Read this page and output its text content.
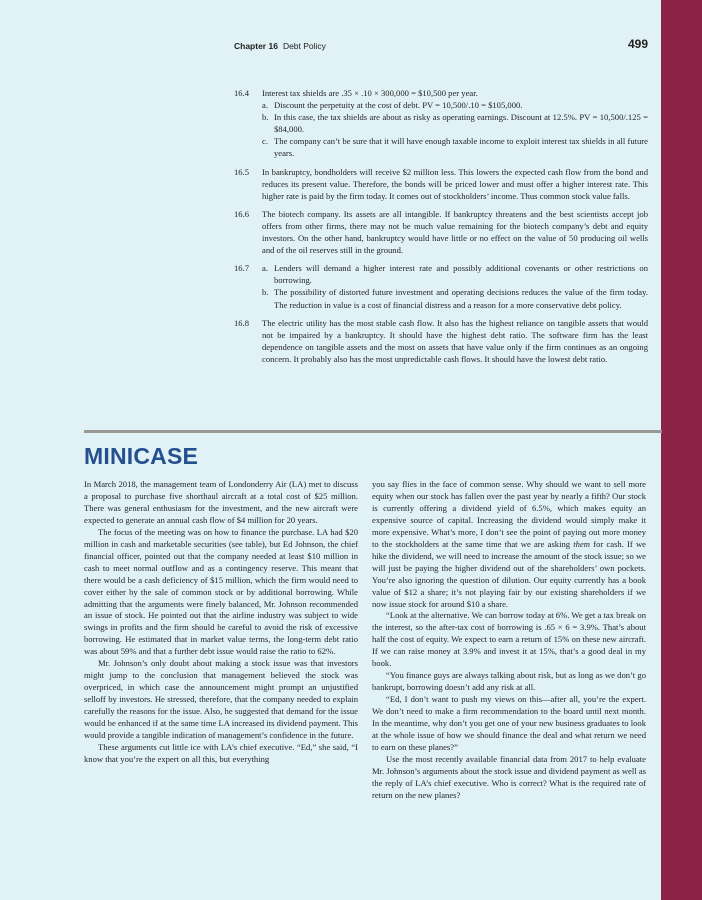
Chapter 16 Debt Policy	499
16.4	Interest tax shields are .35 × .10 × 300,000 = $10,500 per year.
a. Discount the perpetuity at the cost of debt. PV = 10,500/.10 = $105,000.
b. In this case, the tax shields are about as risky as operating earnings. Discount at 12.5%. PV = 10,500/.125 = $84,000.
c. The company can’t be sure that it will have enough taxable income to exploit interest tax shields in all future years.
16.5	In bankruptcy, bondholders will receive $2 million less. This lowers the expected cash flow from the bond and reduces its present value. Therefore, the bonds will be priced lower and must offer a higher interest rate. This higher rate is paid by the firm today. It comes out of stockholders’ income. Thus common stock value falls.
16.6	The biotech company. Its assets are all intangible. If bankruptcy threatens and the best scientists accept job offers from other firms, there may not be much value remaining for the biotech company’s debt and equity investors. On the other hand, bankruptcy would have little or no effect on the value of 50 producing oil wells and of the oil reserves still in the ground.
16.7	a. Lenders will demand a higher interest rate and possibly additional covenants or other restrictions on borrowing.
b. The possibility of distorted future investment and operating decisions reduces the value of the firm today. The reduction in value is a cost of financial distress and a reason for a more conservative debt policy.
16.8	The electric utility has the most stable cash flow. It also has the highest reliance on tangible assets that would not be impaired by a bankruptcy. It should have the highest debt ratio. The software firm has the least dependence on tangible assets and the most on assets that have value only if the firm continues as an ongoing concern. It probably also has the most unpredictable cash flows. It should have the lowest debt ratio.
MINICASE

In March 2018, the management team of Londonderry Air (LA) met to discuss a proposal to purchase five shorthaul aircraft at a total cost of $25 million. There was general enthusiasm for the investment, and the new aircraft were expected to generate an annual cash flow of $4 million for 20 years.

The focus of the meeting was on how to finance the purchase. LA had $20 million in cash and marketable securities (see table), but Ed Johnson, the chief financial officer, pointed out that the company needed at least $10 million in cash to meet normal outflow and as a contingency reserve. This meant that there would be a cash deficiency of $15 million, which the firm would need to cover either by the sale of common stock or by additional borrowing. While admitting that the arguments were finely balanced, Mr. Johnson recommended an issue of stock. He pointed out that the airline industry was subject to wide swings in profits and the firm should be careful to avoid the risk of excessive borrowing. He estimated that in market value terms, the long-term debt ratio was about 59% and that a further debt issue would raise the ratio to 62%.

Mr. Johnson’s only doubt about making a stock issue was that investors might jump to the conclusion that management believed the stock was overpriced, in which case the announcement might prompt an unjustified selloff by investors. He stressed, therefore, that the company needed to explain carefully the reasons for the issue. Also, he suggested that demand for the issue would be enhanced if at the same time LA increased its dividend payment. This would provide a tangible indication of management’s confidence in the future.

These arguments cut little ice with LA’s chief executive. “Ed,” she said, “I know that you’re the expert on all this, but everything

you say flies in the face of common sense. Why should we want to sell more equity when our stock has fallen over the past year by nearly a fifth? Our stock is currently offering a dividend yield of 6.5%, which makes equity an expensive source of capital. Increasing the dividend would simply make it more expensive. What’s more, I don’t see the point of paying out more money to the stockholders at the same time that we are asking them for cash. If we hike the dividend, we will need to increase the amount of the stock issue; so we will just be paying the higher dividend out of the shareholders’ own pockets. You’re also ignoring the question of dilution. Our equity currently has a book value of $12 a share; it’s not playing fair by our existing shareholders if we now issue stock for around $10 a share.

“Look at the alternative. We can borrow today at 6%. We get a tax break on the interest, so the after-tax cost of borrowing is .65 × 6 = 3.9%. That’s about half the cost of equity. We expect to earn a return of 15% on these new aircraft. If we can raise money at 3.9% and invest it at 15%, that’s a good deal in my book.

“You finance guys are always talking about risk, but as long as we don’t go bankrupt, borrowing doesn’t add any risk at all.

“Ed, I don’t want to push my views on this—after all, you’re the expert. We don’t need to make a firm recommendation to the board until next month. In the meantime, why don’t you get one of your new business graduates to look at the whole issue of how we should finance the deal and what return we need to earn on these planes?”

Use the most recently available financial data from 2017 to help evaluate Mr. Johnson’s arguments about the stock issue and dividend payment as well as the reply of LA’s chief executive. Who is correct? What is the required rate of return on the new planes?
